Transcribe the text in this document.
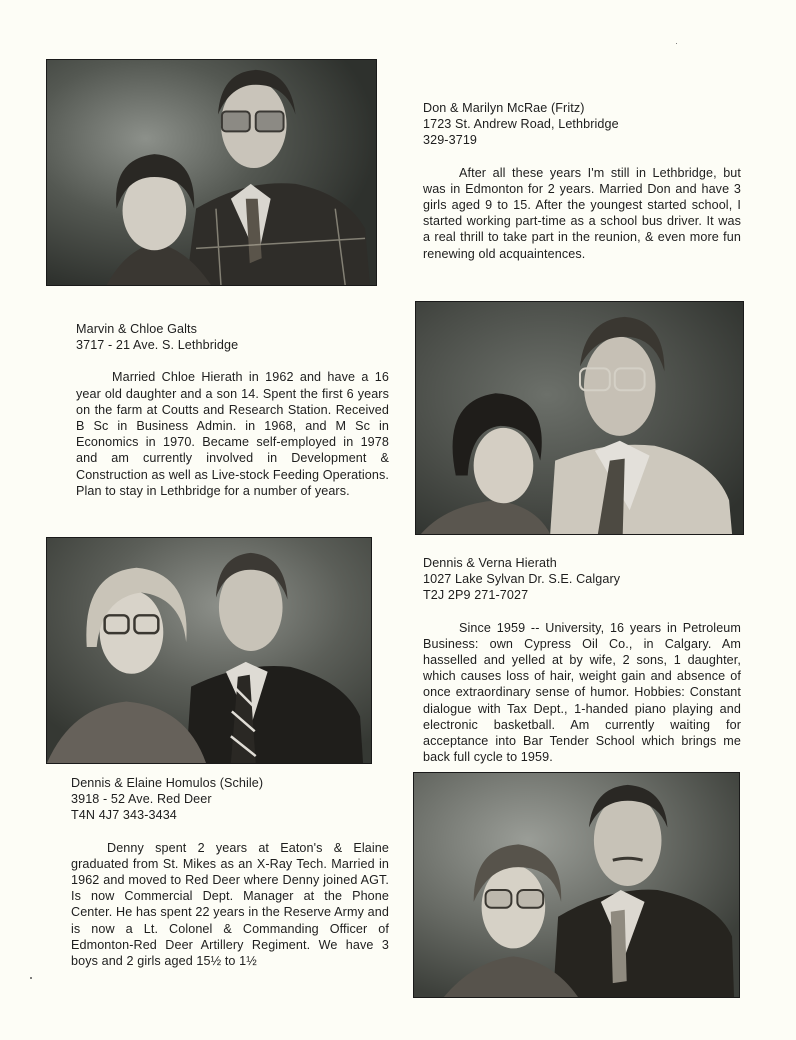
Don & Marilyn McRae (Fritz)
1723 St. Andrew Road, Lethbridge
329-3719
After all these years I'm still in Lethbridge, but was in Edmonton for 2 years. Married Don and have 3 girls aged 9 to 15. After the youngest started school, I started working part-time as a school bus driver. It was a real thrill to take part in the reunion, & even more fun renewing old acquaintences.
Marvin & Chloe Galts
3717 - 21 Ave. S. Lethbridge
Married Chloe Hierath in 1962 and have a 16 year old daughter and a son 14. Spent the first 6 years on the farm at Coutts and Research Station. Received B Sc in Business Admin. in 1968, and M Sc in Economics in 1970. Became self-employed in 1978 and am currently involved in Development & Construction as well as Live-stock Feeding Operations. Plan to stay in Lethbridge for a number of years.
Dennis & Verna Hierath
1027 Lake Sylvan Dr. S.E. Calgary
T2J 2P9 271-7027
Since 1959 -- University, 16 years in Petroleum Business: own Cypress Oil Co., in Calgary. Am hasselled and yelled at by wife, 2 sons, 1 daughter, which causes loss of hair, weight gain and absence of once extraordinary sense of humor. Hobbies: Constant dialogue with Tax Dept., 1-handed piano playing and electronic basketball. Am currently waiting for acceptance into Bar Tender School which brings me back full cycle to 1959.
Dennis & Elaine Homulos (Schile)
3918 - 52 Ave. Red Deer
T4N 4J7 343-3434
Denny spent 2 years at Eaton's & Elaine graduated from St. Mikes as an X-Ray Tech. Married in 1962 and moved to Red Deer where Denny joined AGT. Is now Commercial Dept. Manager at the Phone Center. He has spent 22 years in the Reserve Army and is now a Lt. Colonel & Commanding Officer of Edmonton-Red Deer Artillery Regiment. We have 3 boys and 2 girls aged 15½ to 1½
